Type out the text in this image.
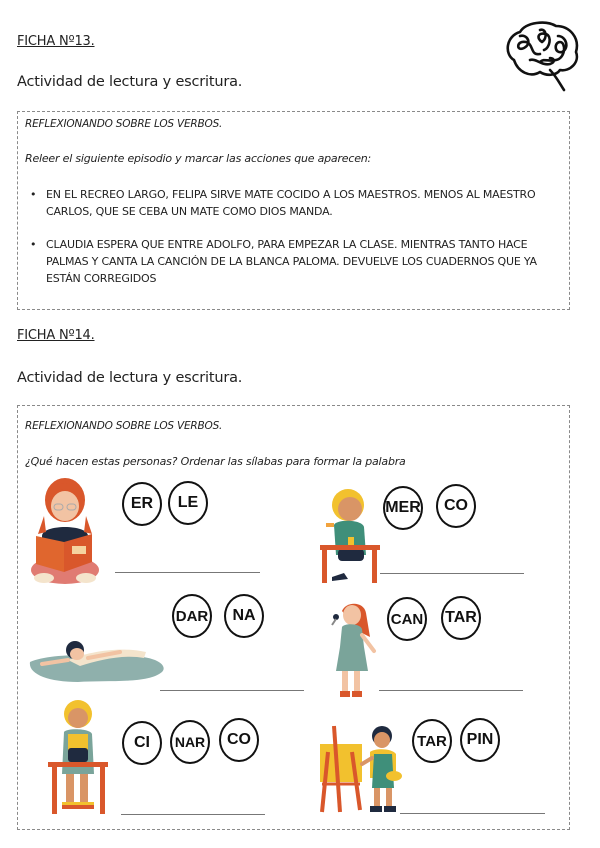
FICHA Nº13.
Actividad de lectura y escritura.
REFLEXIONANDO SOBRE LOS VERBOS.
Releer el siguiente episodio y marcar las acciones que aparecen:
• EN EL RECREO LARGO, FELIPA SIRVE MATE COCIDO A LOS MAESTROS. MENOS AL MAESTRO CARLOS, QUE SE CEBA UN MATE COMO DIOS MANDA.
• CLAUDIA ESPERA QUE ENTRE ADOLFO, PARA EMPEZAR LA CLASE. MIENTRAS TANTO HACE PALMAS Y CANTA LA CANCIÓN DE LA BLANCA PALOMA. DEVUELVE LOS CUADERNOS QUE YA ESTÁN CORREGIDOS
FICHA Nº14.
Actividad de lectura y escritura.
REFLEXIONANDO SOBRE LOS VERBOS.
¿Qué hacen estas personas? Ordenar las sílabas para formar la palabra
ER	LE	MER	CO
DAR	NA	CAN TAR
CI	NAR	CO	TAR	PIN
